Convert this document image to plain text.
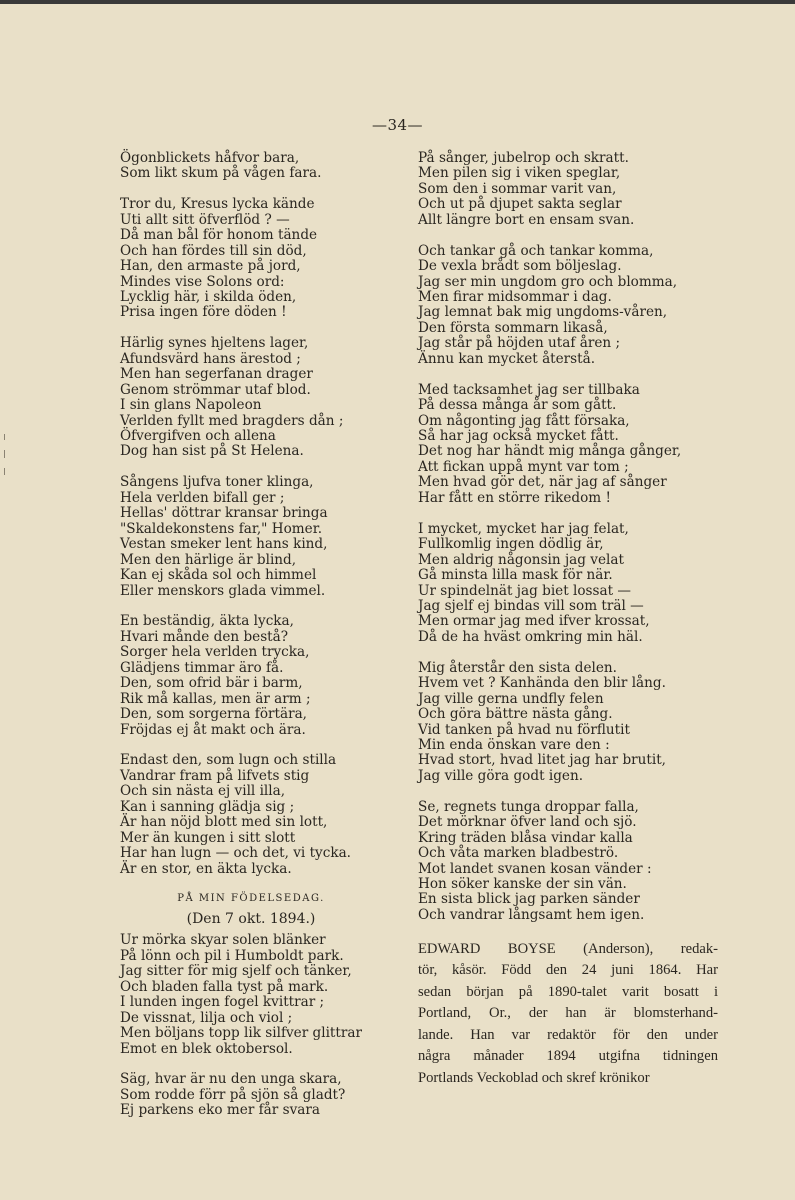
—34—
Ögonblickets håfvor bara,
Som likt skum på vågen fara.
Tror du, Kresus lycka kände
Uti allt sitt öfverflöd ? —
Då man bål för honom tände
Och han fördes till sin död,
Han, den armaste på jord,
Mindes vise Solons ord:
Lycklig här, i skilda öden,
Prisa ingen före döden !
Härlig synes hjeltens lager,
Afundsvärd hans ärestod ;
Men han segerfanan drager
Genom strömmar utaf blod.
I sin glans Napoleon
Verlden fyllt med bragders dån ;
Öfvergifven och allena
Dog han sist på St Helena.
Sångens ljufva toner klinga,
Hela verlden bifall ger ;
Hellas' döttrar kransar bringa
"Skaldekonstens far," Homer.
Vestan smeker lent hans kind,
Men den härlige är blind,
Kan ej skåda sol och himmel
Eller menskors glada vimmel.
En beständig, äkta lycka,
Hvari månde den bestå?
Sorger hela verlden trycka,
Glädjens timmar äro få.
Den, som ofrid bär i barm,
Rik må kallas, men är arm ;
Den, som sorgerna förtära,
Fröjdas ej åt makt och ära.
Endast den, som lugn och stilla
Vandrar fram på lifvets stig
Och sin nästa ej vill illa,
Kan i sanning glädja sig ;
Är han nöjd blott med sin lott,
Mer än kungen i sitt slott
Har han lugn — och det, vi tycka.
Är en stor, en äkta lycka.
PÅ MIN FÖDELSEDAG.
(Den 7 okt. 1894.)
Ur mörka skyar solen blänker
På lönn och pil i Humboldt park.
Jag sitter för mig sjelf och tänker,
Och bladen falla tyst på mark.
I lunden ingen fogel kvittrar ;
De vissnat, lilja och viol ;
Men böljans topp lik silfver glittrar
Emot en blek oktobersol.
Säg, hvar är nu den unga skara,
Som rodde förr på sjön så gladt?
Ej parkens eko mer får svara
På sånger, jubelrop och skratt.
Men pilen sig i viken speglar,
Som den i sommar varit van,
Och ut på djupet sakta seglar
Allt längre bort en ensam svan.
Och tankar gå och tankar komma,
De vexla brådt som böljeslag.
Jag ser min ungdom gro och blomma,
Men firar midsommar i dag.
Jag lemnat bak mig ungdoms-våren,
Den första sommarn likaså,
Jag står på höjden utaf åren ;
Ännu kan mycket återstå.
Med tacksamhet jag ser tillbaka
På dessa många år som gått.
Om någonting jag fått försaka,
Så har jag också mycket fått.
Det nog har händt mig många gånger,
Att fickan uppå mynt var tom ;
Men hvad gör det, när jag af sånger
Har fått en större rikedom !
I mycket, mycket har jag felat,
Fullkomlig ingen dödlig är,
Men aldrig någonsin jag velat
Gå minsta lilla mask för när.
Ur spindelnät jag biet lossat —
Jag sjelf ej bindas vill som träl —
Men ormar jag med ifver krossat,
Då de ha hväst omkring min häl.
Mig återstår den sista delen.
Hvem vet ? Kanhända den blir lång.
Jag ville gerna undfly felen
Och göra bättre nästa gång.
Vid tanken på hvad nu förflutit
Min enda önskan vare den :
Hvad stort, hvad litet jag har brutit,
Jag ville göra godt igen.
Se, regnets tunga droppar falla,
Det mörknar öfver land och sjö.
Kring träden blåsa vindar kalla
Och våta marken bladbeströ.
Mot landet svanen kosan vänder :
Hon söker kanske der sin vän.
En sista blick jag parken sänder
Och vandrar långsamt hem igen.
EDWARD BOYSE (Anderson), redak-
tör, kåsör. Född den 24 juni 1864. Har
sedan början på 1890-talet varit bosatt i
Portland, Or., der han är blomsterhand-
lande. Han var redaktör för den under
några månader 1894 utgifna tidningen
Portlands Veckoblad och skref krönikor
